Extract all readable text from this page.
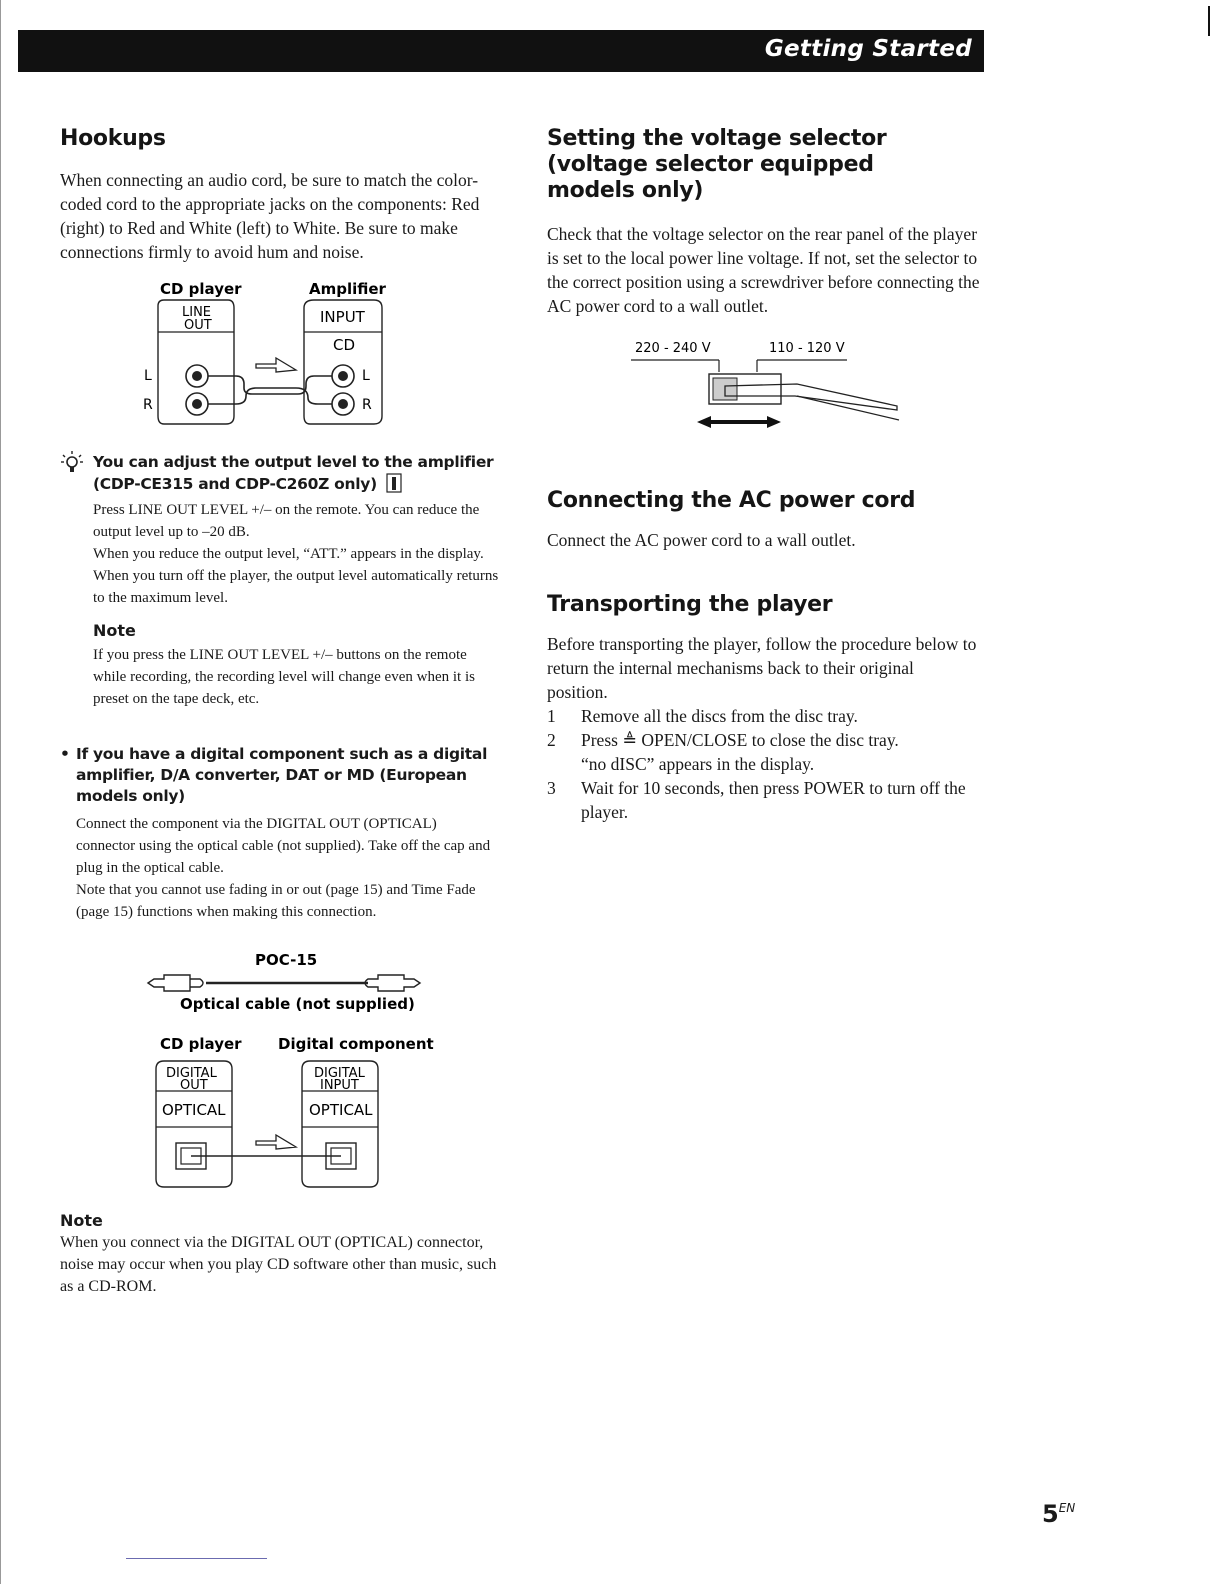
Getting Started
Hookups

When connecting an audio cord, be sure to match the color-coded cord to the appropriate jacks on the components: Red (right) to Red and White (left) to White. Be sure to make connections firmly to avoid hum and noise.

CD player	Amplifier
LINE
OUT	INPUT
CD
L
R
L
R
You can adjust the output level to the amplifier (CDP-CE315 and CDP-C260Z only)
Press LINE OUT LEVEL +/– on the remote. You can reduce the output level up to –20 dB.
When you reduce the output level, “ATT.” appears in the display.
When you turn off the player, the output level automatically returns to the maximum level.
Note
If you press the LINE OUT LEVEL +/– buttons on the remote while recording, the recording level will change even when it is preset on the tape deck, etc.
• If you have a digital component such as a digital amplifier, D/A converter, DAT or MD (European models only)
Connect the component via the DIGITAL OUT (OPTICAL) connector using the optical cable (not supplied). Take off the cap and plug in the optical cable.
Note that you cannot use fading in or out (page 15) and Time Fade (page 15) functions when making this connection.
POC-15
Optical cable (not supplied)
CD player Digital component
DIGITAL
OUT
OPTICAL
DIGITAL
INPUT
OPTICAL
Note
When you connect via the DIGITAL OUT (OPTICAL) connector, noise may occur when you play CD software other than music, such as a CD-ROM.
Setting the voltage selector (voltage selector equipped models only)

Check that the voltage selector on the rear panel of the player is set to the local power line voltage. If not, set the selector to the correct position using a screwdriver before connecting the AC power cord to a wall outlet.

220 - 240 V	110 - 120 V
Connecting the AC power cord

Connect the AC power cord to a wall outlet.

Transporting the player

Before transporting the player, follow the procedure below to return the internal mechanisms back to their original position.

1 Remove all the discs from the disc tray.
2 Press ≜ OPEN/CLOSE to close the disc tray.
“no dISC” appears in the display.
3 Wait for 10 seconds, then press POWER to turn off the player.
$5^{EN}$
